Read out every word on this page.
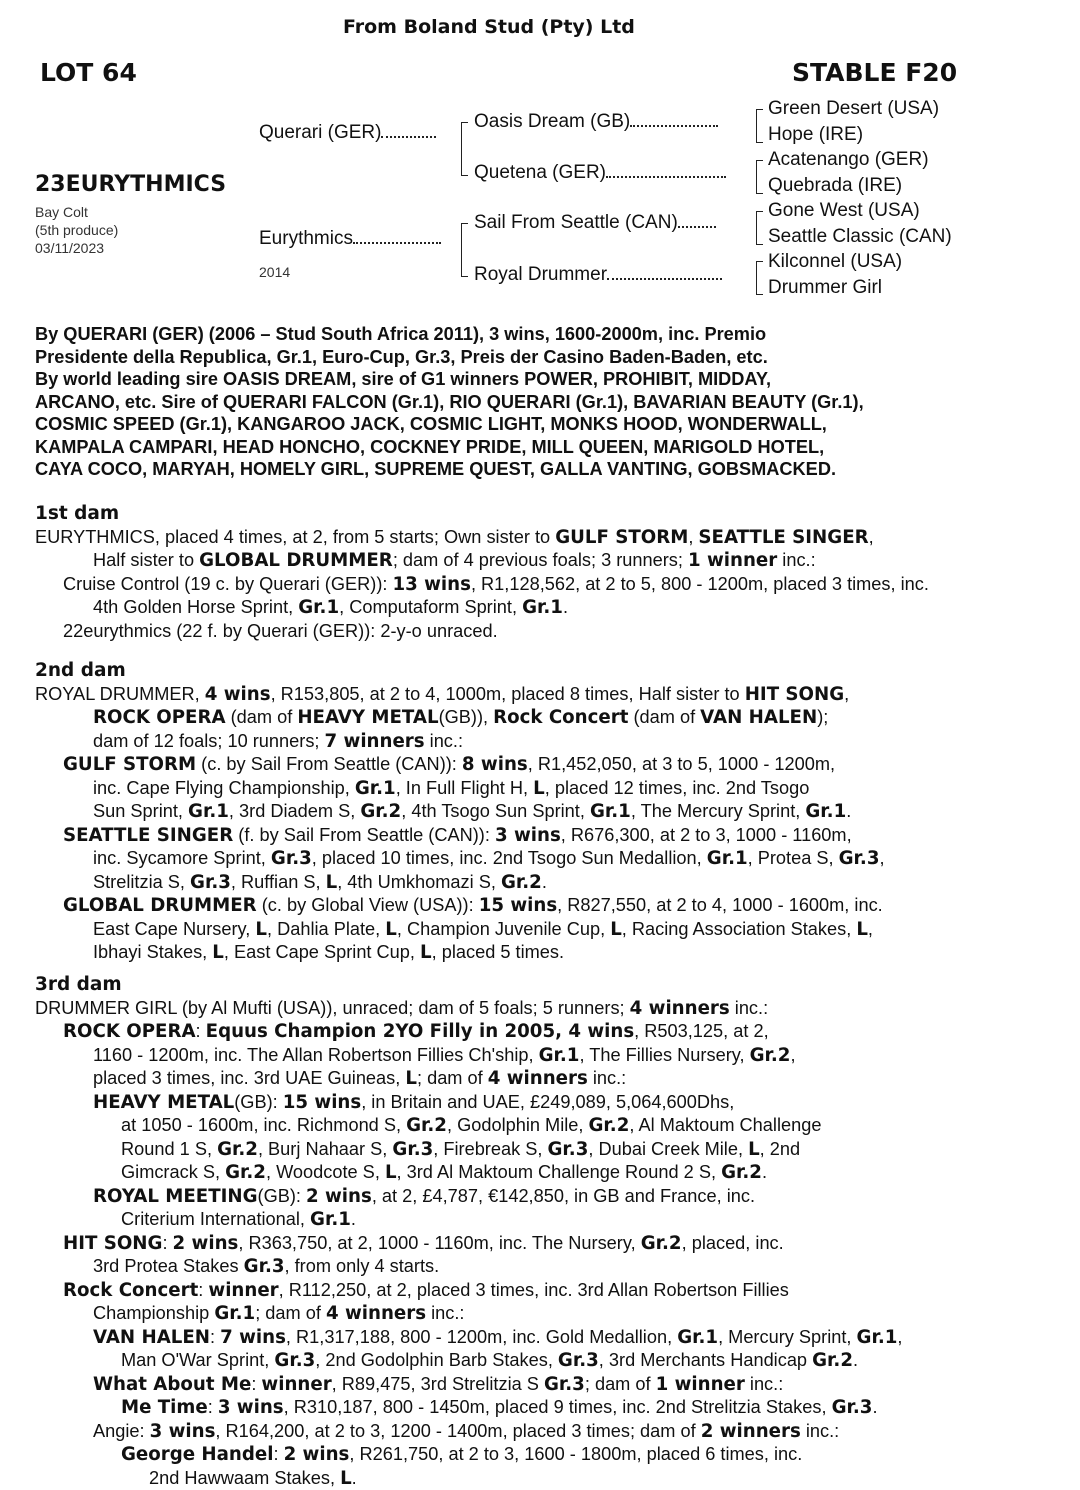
From Boland Stud (Pty) Ltd
LOT 64	STABLE F20
23EURYTHMICS
Bay Colt
(5th produce)
03/11/2023
Querari (GER)
Eurythmics
2014
Oasis Dream (GB)
Quetena (GER)
Sail From Seattle (CAN)
Royal Drummer
Green Desert (USA)
Hope (IRE)
Acatenango (GER)
Quebrada (IRE)
Gone West (USA)
Seattle Classic (CAN)
Kilconnel (USA)
Drummer Girl

By QUERARI (GER) (2006 – Stud South Africa 2011), 3 wins, 1600-2000m, inc. Premio

Presidente della Republica, Gr.1, Euro-Cup, Gr.3, Preis der Casino Baden-Baden, etc.

By world leading sire OASIS DREAM, sire of G1 winners POWER, PROHIBIT, MIDDAY,

ARCANO, etc. Sire of QUERARI FALCON (Gr.1), RIO QUERARI (Gr.1), BAVARIAN BEAUTY (Gr.1),

COSMIC SPEED (Gr.1), KANGAROO JACK, COSMIC LIGHT, MONKS HOOD, WONDERWALL,

KAMPALA CAMPARI, HEAD HONCHO, COCKNEY PRIDE, MILL QUEEN, MARIGOLD HOTEL,

CAYA COCO, MARYAH, HOMELY GIRL, SUPREME QUEST, GALLA VANTING, GOBSMACKED.

1st dam

EURYTHMICS, placed 4 times, at 2, from 5 starts; Own sister to GULF STORM, SEATTLE SINGER,

Half sister to GLOBAL DRUMMER; dam of 4 previous foals; 3 runners; 1 winner inc.:

Cruise Control (19 c. by Querari (GER)): 13 wins, R1,128,562, at 2 to 5, 800 - 1200m, placed 3 times, inc.

4th Golden Horse Sprint, Gr.1, Computaform Sprint, Gr.1.

22eurythmics (22 f. by Querari (GER)): 2-y-o unraced.

2nd dam

ROYAL DRUMMER, 4 wins, R153,805, at 2 to 4, 1000m, placed 8 times, Half sister to HIT SONG,

ROCK OPERA (dam of HEAVY METAL(GB)), Rock Concert (dam of VAN HALEN);

dam of 12 foals; 10 runners; 7 winners inc.:

GULF STORM (c. by Sail From Seattle (CAN)): 8 wins, R1,452,050, at 3 to 5, 1000 - 1200m,

inc. Cape Flying Championship, Gr.1, In Full Flight H, L, placed 12 times, inc. 2nd Tsogo

Sun Sprint, Gr.1, 3rd Diadem S, Gr.2, 4th Tsogo Sun Sprint, Gr.1, The Mercury Sprint, Gr.1.

SEATTLE SINGER (f. by Sail From Seattle (CAN)): 3 wins, R676,300, at 2 to 3, 1000 - 1160m,

inc. Sycamore Sprint, Gr.3, placed 10 times, inc. 2nd Tsogo Sun Medallion, Gr.1, Protea S, Gr.3,

Strelitzia S, Gr.3, Ruffian S, L, 4th Umkhomazi S, Gr.2.

GLOBAL DRUMMER (c. by Global View (USA)): 15 wins, R827,550, at 2 to 4, 1000 - 1600m, inc.

East Cape Nursery, L, Dahlia Plate, L, Champion Juvenile Cup, L, Racing Association Stakes, L,

Ibhayi Stakes, L, East Cape Sprint Cup, L, placed 5 times.

3rd dam

DRUMMER GIRL (by Al Mufti (USA)), unraced; dam of 5 foals; 5 runners; 4 winners inc.:

ROCK OPERA: Equus Champion 2YO Filly in 2005, 4 wins, R503,125, at 2,

1160 - 1200m, inc. The Allan Robertson Fillies Ch'ship, Gr.1, The Fillies Nursery, Gr.2,

placed 3 times, inc. 3rd UAE Guineas, L; dam of 4 winners inc.:

HEAVY METAL(GB): 15 wins, in Britain and UAE, £249,089, 5,064,600Dhs,

at 1050 - 1600m, inc. Richmond S, Gr.2, Godolphin Mile, Gr.2, Al Maktoum Challenge

Round 1 S, Gr.2, Burj Nahaar S, Gr.3, Firebreak S, Gr.3, Dubai Creek Mile, L, 2nd

Gimcrack S, Gr.2, Woodcote S, L, 3rd Al Maktoum Challenge Round 2 S, Gr.2.

ROYAL MEETING(GB): 2 wins, at 2, £4,787, €142,850, in GB and France, inc.

Criterium International, Gr.1.

HIT SONG: 2 wins, R363,750, at 2, 1000 - 1160m, inc. The Nursery, Gr.2, placed, inc.

3rd Protea Stakes Gr.3, from only 4 starts.

Rock Concert: winner, R112,250, at 2, placed 3 times, inc. 3rd Allan Robertson Fillies

Championship Gr.1; dam of 4 winners inc.:

VAN HALEN: 7 wins, R1,317,188, 800 - 1200m, inc. Gold Medallion, Gr.1, Mercury Sprint, Gr.1,

Man O'War Sprint, Gr.3, 2nd Godolphin Barb Stakes, Gr.3, 3rd Merchants Handicap Gr.2.

What About Me: winner, R89,475, 3rd Strelitzia S Gr.3; dam of 1 winner inc.:

Me Time: 3 wins, R310,187, 800 - 1450m, placed 9 times, inc. 2nd Strelitzia Stakes, Gr.3.

Angie: 3 wins, R164,200, at 2 to 3, 1200 - 1400m, placed 3 times; dam of 2 winners inc.:

George Handel: 2 wins, R261,750, at 2 to 3, 1600 - 1800m, placed 6 times, inc.

2nd Hawwaam Stakes, L.
